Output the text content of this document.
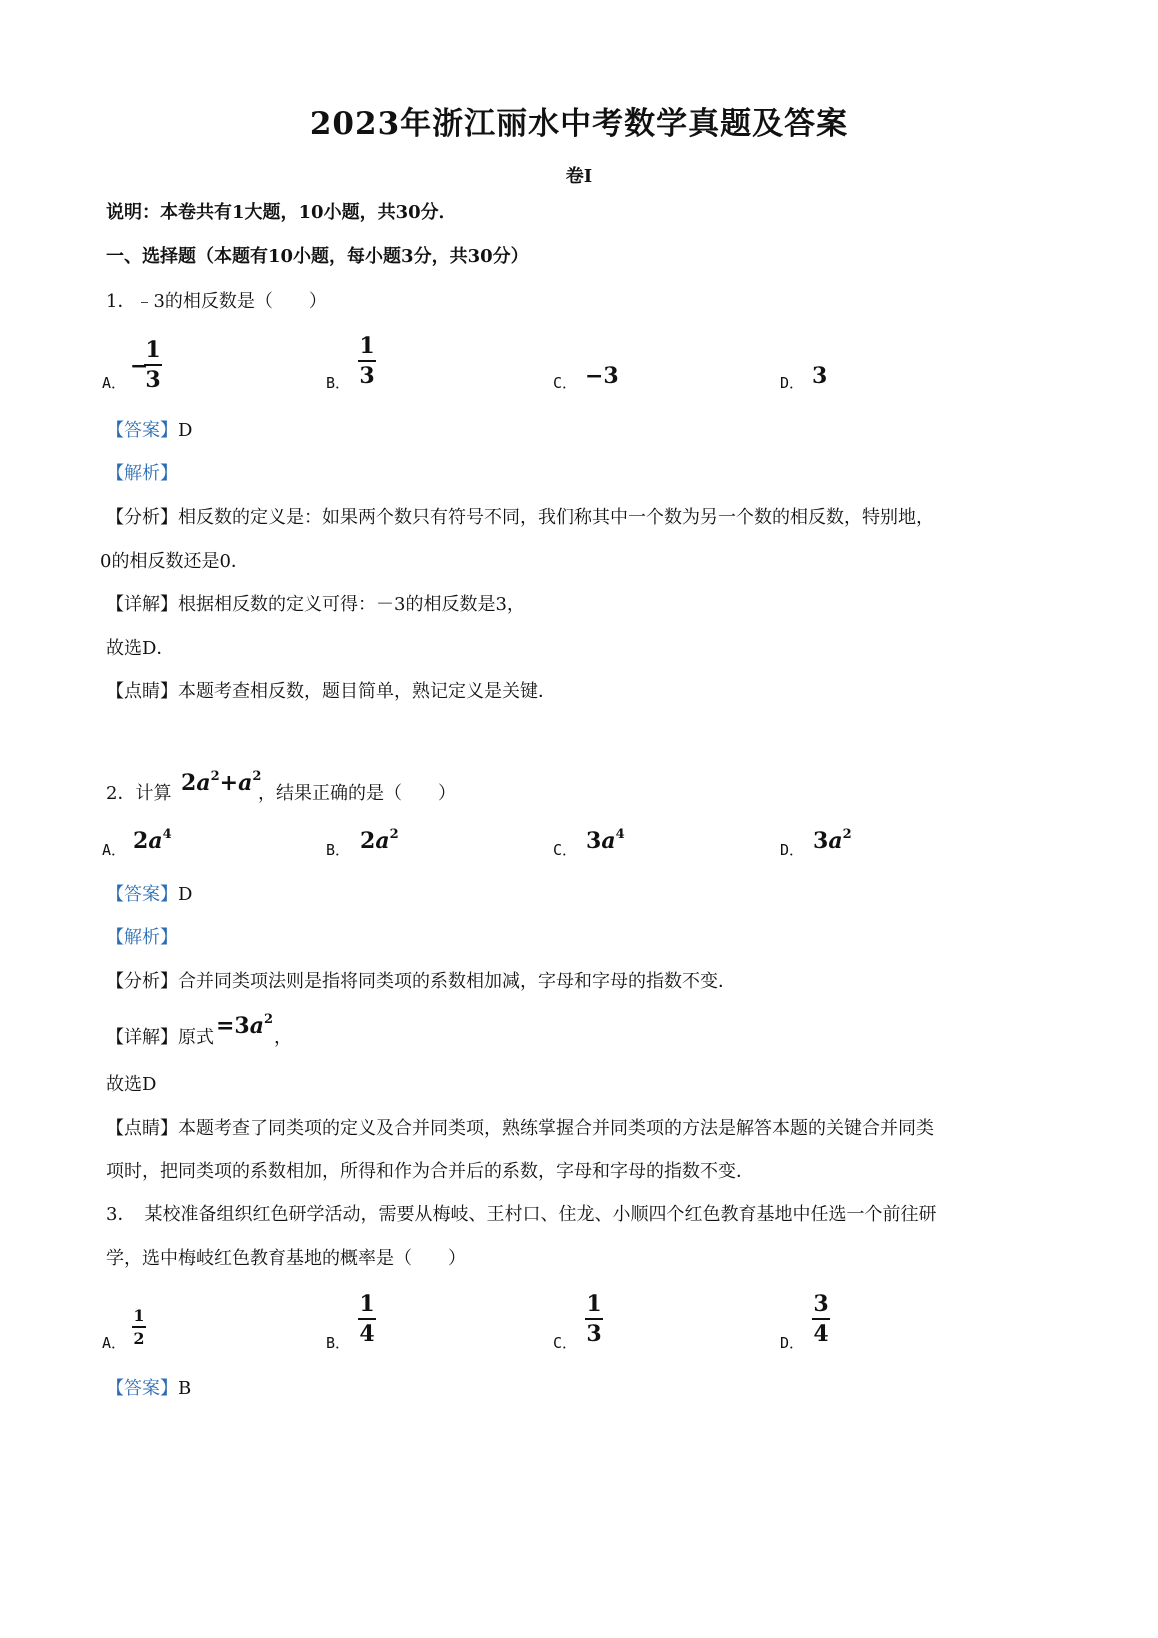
2023年浙江丽水中考数学真题及答案
卷Ⅰ
说明：本卷共有1大题，10小题，共30分．
一、选择题（本题有10小题，每小题3分，共30分）
1．﹣3的相反数是（　　）
A．
−
1
3	B．
1
3	C． −3	D． 3
【答案】D
【解析】
【分析】相反数的定义是：如果两个数只有符号不同，我们称其中一个数为另一个数的相反数，特别地，
0的相反数还是0．
【详解】根据相反数的定义可得：－3的相反数是3，
故选D．
【点睛】本题考查相反数，题目简单，熟记定义是关键．
2．计算 $2a^2+a^2$
，结果正确的是（　　）
A． $2a^4$
B． $2a^2$
C． $3a^4$
D． $3a^2$
【答案】D
【解析】
【分析】合并同类项法则是指将同类项的系数相加减，字母和字母的指数不变．
【详解】原式 $=3a^2$
，
故选D
【点睛】本题考查了同类项的定义及合并同类项，熟练掌握合并同类项的方法是解答本题的关键合并同类
项时，把同类项的系数相加，所得和作为合并后的系数，字母和字母的指数不变．
3．　某校准备组织红色研学活动，需要从梅岐、王村口、住龙、小顺四个红色教育基地中任选一个前往研
学，选中梅岐红色教育基地的概率是（　　）
A．
1
2	B．
1
4	C．
1
3	D．
3
4
【答案】B
